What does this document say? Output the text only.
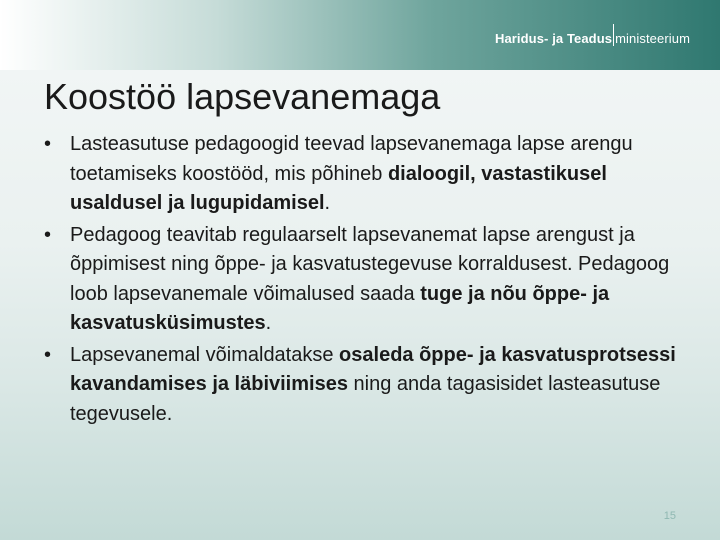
Haridus- ja Teadus ministeerium
Koostöö lapsevanemaga

• Lasteasutuse pedagoogid teevad lapsevanemaga lapse arengu toetamiseks koostööd, mis põhineb dialoogil, vastastikusel usaldusel ja lugupidamisel.

• Pedagoog teavitab regulaarselt lapsevanemat lapse arengust ja õppimisest ning õppe- ja kasvatustegevuse korraldusest. Pedagoog loob lapsevanemale võimalused saada tuge ja nõu õppe- ja kasvatusküsimustes.

• Lapsevanemal võimaldatakse osaleda õppe- ja kasvatusprotsessi kavandamises ja läbiviimises ning anda tagasisidet lasteasutuse tegevusele.

15
